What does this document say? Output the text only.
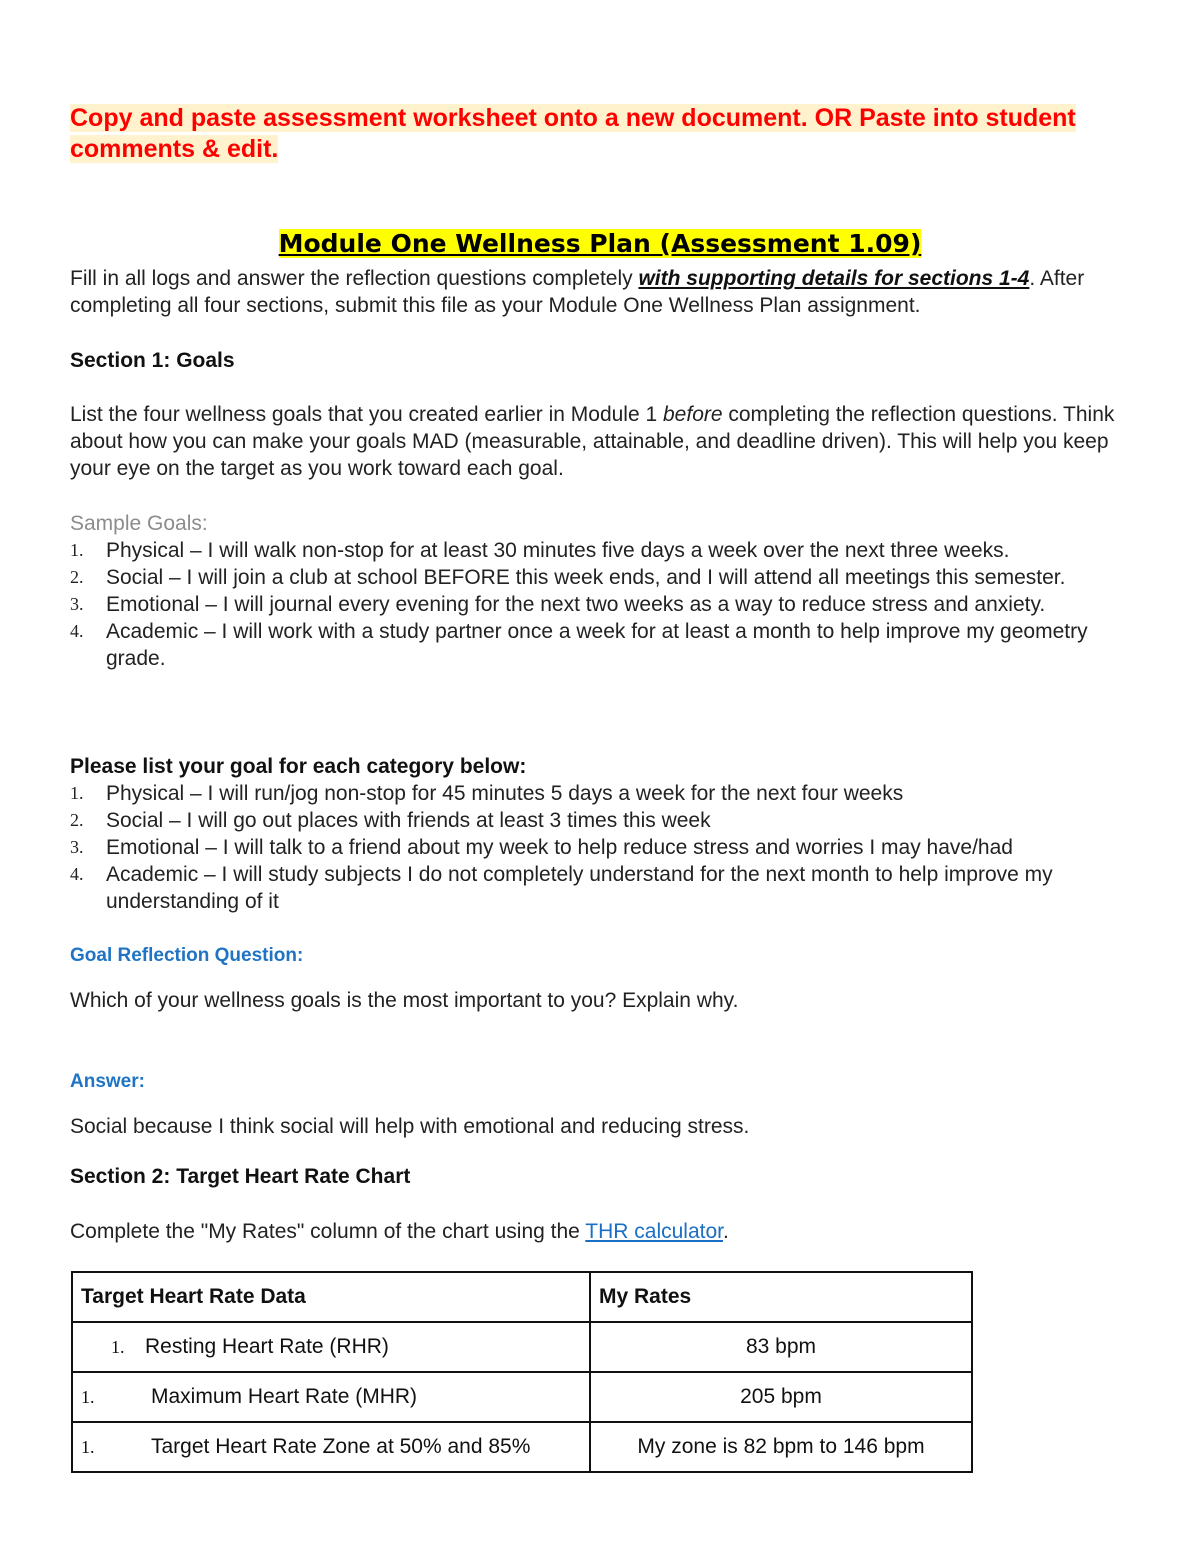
Copy and paste assessment worksheet onto a new document. OR Paste into student comments & edit.
Module One Wellness Plan (Assessment 1.09)
Fill in all logs and answer the reflection questions completely with supporting details for sections 1-4. After completing all four sections, submit this file as your Module One Wellness Plan assignment.
Section 1: Goals
List the four wellness goals that you created earlier in Module 1 before completing the reflection questions. Think about how you can make your goals MAD (measurable, attainable, and deadline driven). This will help you keep your eye on the target as you work toward each goal.
Sample Goals:
1. Physical – I will walk non-stop for at least 30 minutes five days a week over the next three weeks.
2. Social – I will join a club at school BEFORE this week ends, and I will attend all meetings this semester.
3. Emotional – I will journal every evening for the next two weeks as a way to reduce stress and anxiety.
4. Academic – I will work with a study partner once a week for at least a month to help improve my geometry grade.
Please list your goal for each category below:
1. Physical – I will run/jog non-stop for 45 minutes 5 days a week for the next four weeks
2. Social – I will go out places with friends at least 3 times this week
3. Emotional – I will talk to a friend about my week to help reduce stress and worries I may have/had
4. Academic – I will study subjects I do not completely understand for the next month to help improve my understanding of it
Goal Reflection Question:
Which of your wellness goals is the most important to you? Explain why.
Answer:
Social because I think social will help with emotional and reducing stress.
Section 2: Target Heart Rate Chart
Complete the "My Rates" column of the chart using the THR calculator.
Target Heart Rate Data	My Rates
1. Resting Heart Rate (RHR)	83 bpm
1. Maximum Heart Rate (MHR)	205 bpm
1. Target Heart Rate Zone at 50% and 85%	My zone is 82 bpm to 146 bpm
